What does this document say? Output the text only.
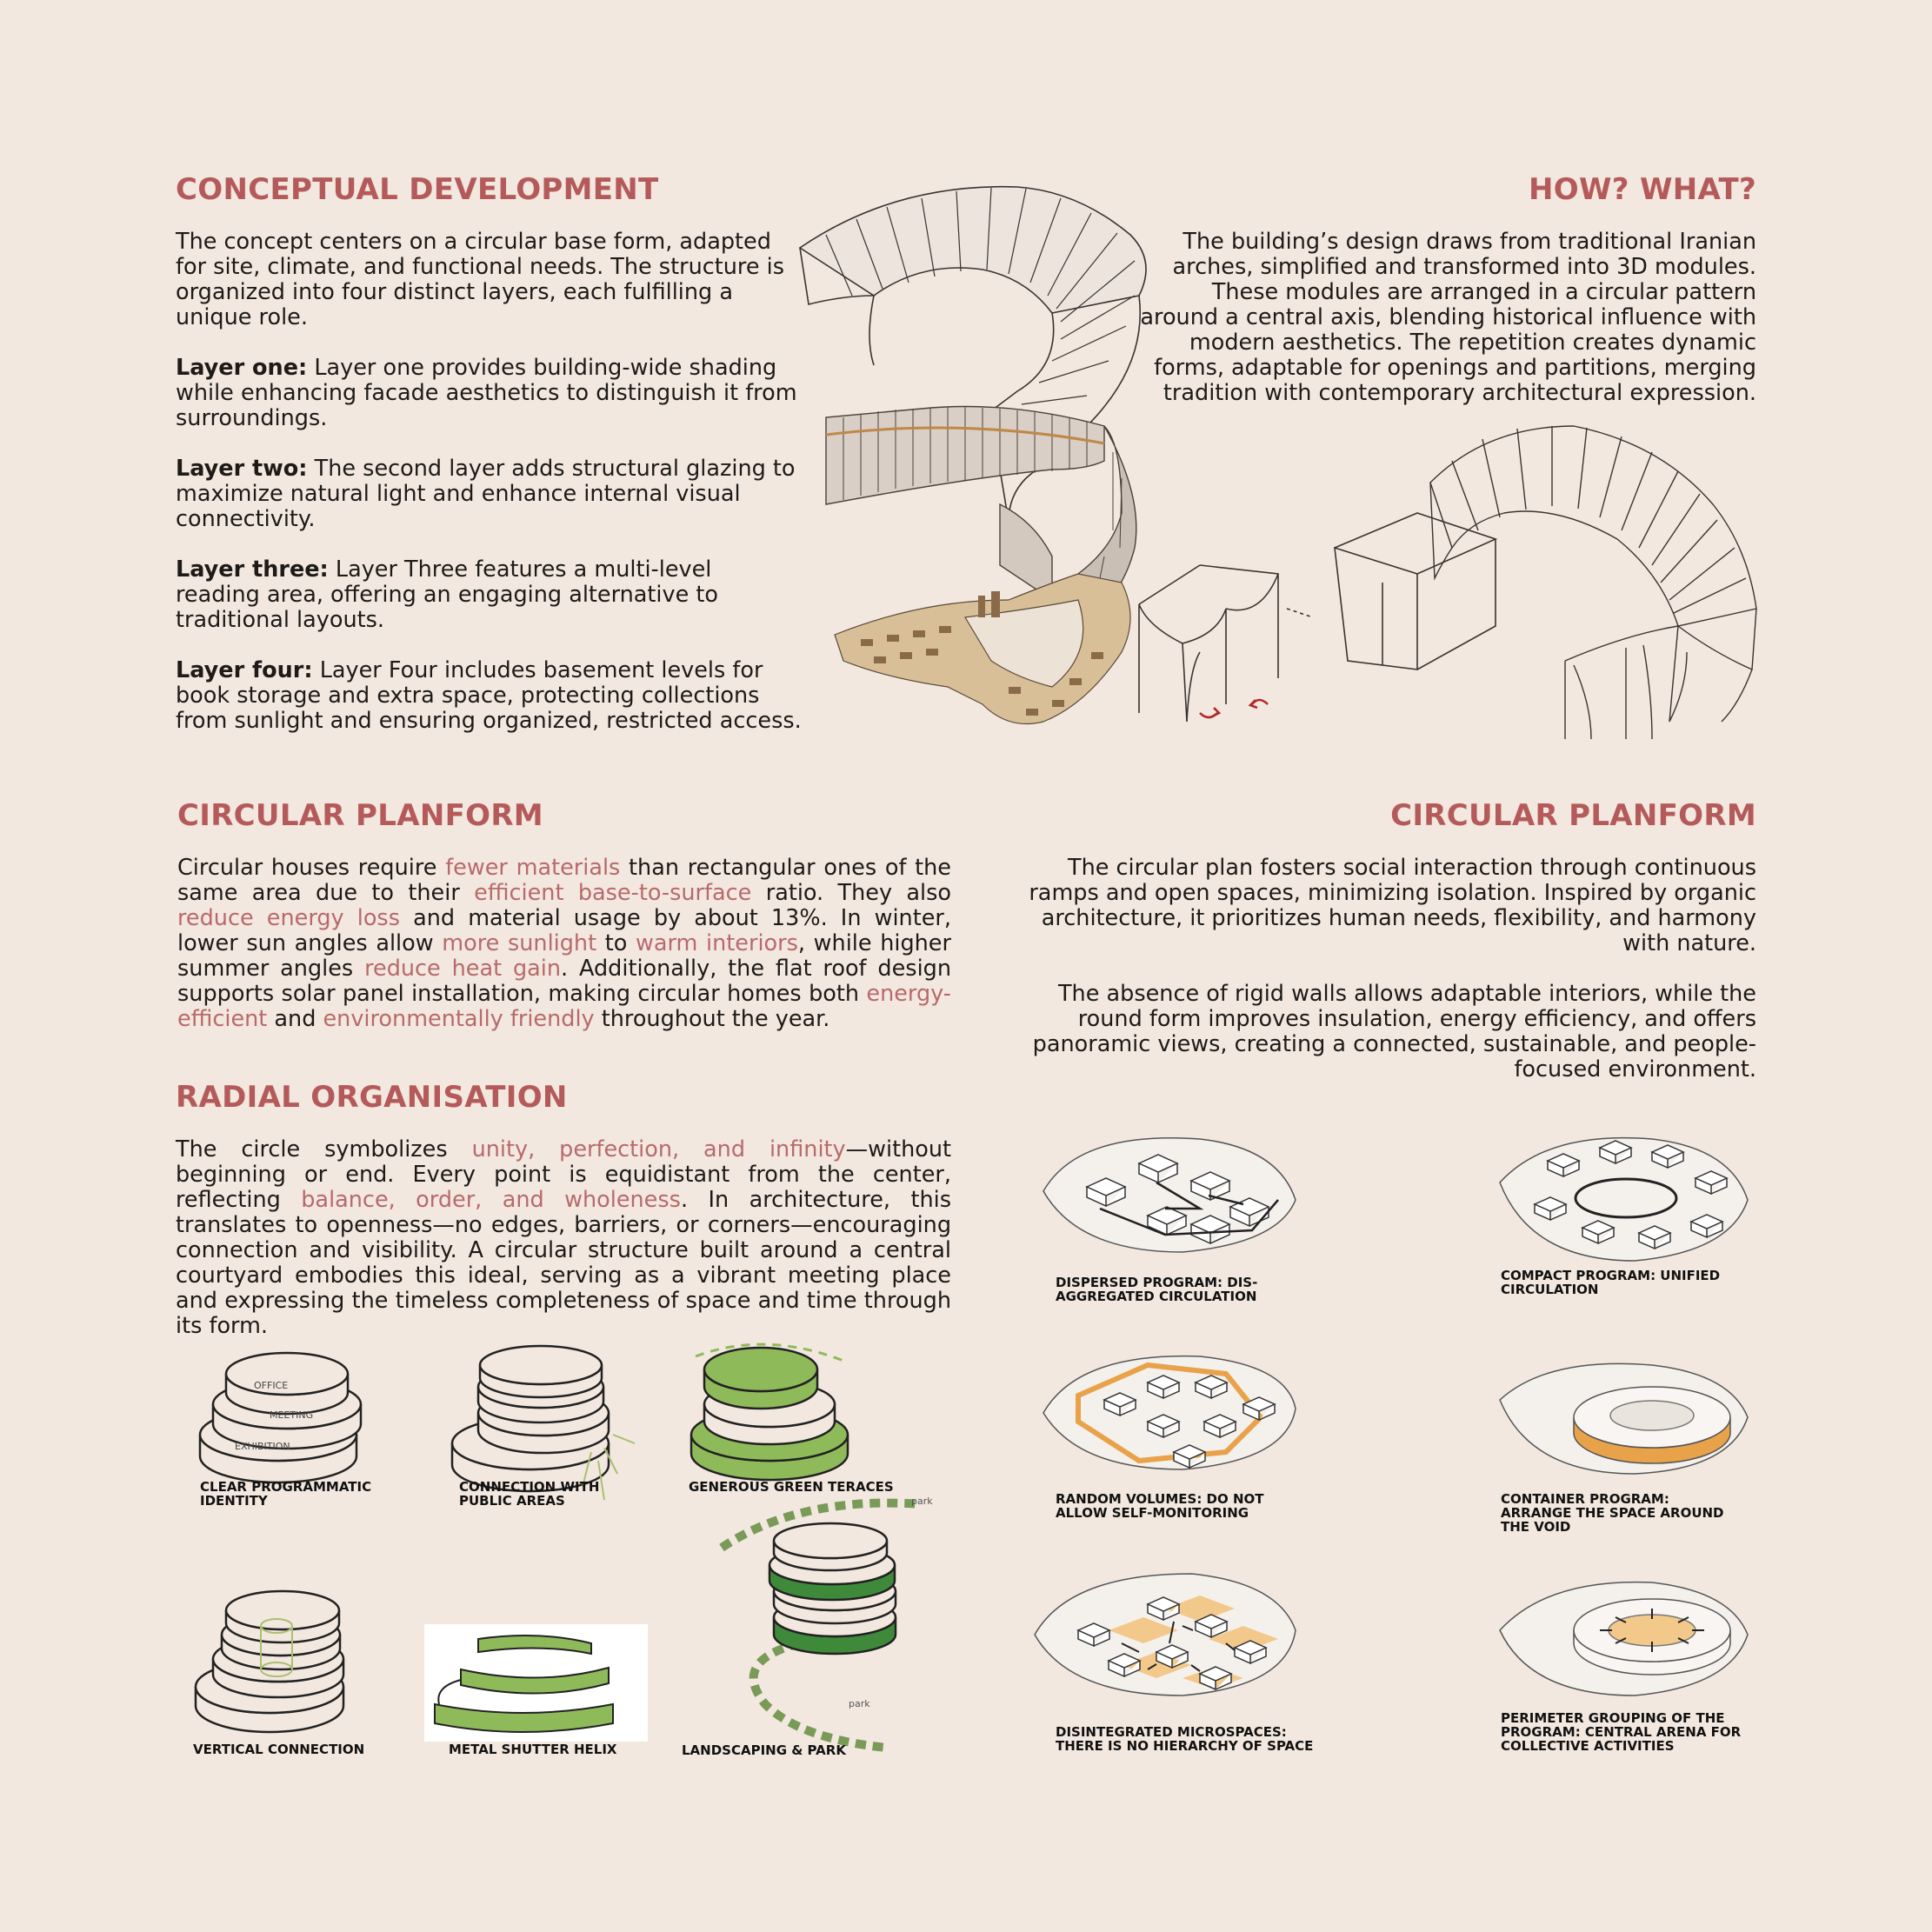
CONCEPTUAL DEVELOPMENT

The concept centers on a circular base form, adapted for site, climate, and functional needs. The structure is organized into four distinct layers, each fulfilling a unique role.

Layer one: Layer one provides building-wide shading while enhancing facade aesthetics to distinguish it from surroundings.

Layer two: The second layer adds structural glazing to maximize natural light and enhance internal visual connectivity.

Layer three: Layer Three features a multi-level reading area, offering an engaging alternative to traditional layouts.

Layer four: Layer Four includes basement levels for book storage and extra space, protecting collections from sunlight and ensuring organized, restricted access.

HOW? WHAT?

The building’s design draws from traditional Iranian arches, simplified and transformed into 3D modules. These modules are arranged in a circular pattern around a central axis, blending historical influence with modern aesthetics. The repetition creates dynamic forms, adaptable for openings and partitions, merging tradition with contemporary architectural expression.

CIRCULAR PLANFORM

Circular houses require fewer materials than rectangular ones of the same area due to their efficient base-to-surface ratio. They also reduce energy loss and material usage by about 13%. In winter, lower sun angles allow more sunlight to warm interiors, while higher summer angles reduce heat gain. Additionally, the flat roof design supports solar panel installation, making circular homes both energy-efficient and environmentally friendly throughout the year.

CIRCULAR PLANFORM

The circular plan fosters social interaction through continuous ramps and open spaces, minimizing isolation. Inspired by organic architecture, it prioritizes human needs, flexibility, and harmony with nature.

The absence of rigid walls allows adaptable interiors, while the round form improves insulation, energy efficiency, and offers panoramic views, creating a connected, sustainable, and people-focused environment.

RADIAL ORGANISATION

The circle symbolizes unity, perfection, and infinity—without beginning or end. Every point is equidistant from the center, reflecting balance, order, and wholeness. In architecture, this translates to openness—no edges, barriers, or corners—encouraging connection and visibility. A circular structure built around a central courtyard embodies this ideal, serving as a vibrant meeting place and expressing the timeless completeness of space and time through its form.

OFFICE
MEETING
EXHIBITION
park
park
CLEAR PROGRAMMATIC IDENTITY
CONNECTION WITH PUBLIC AREAS
GENEROUS GREEN TERACES
VERTICAL CONNECTION	METAL SHUTTER HELIX	LANDSCAPING & PARK
DISPERSED PROGRAM: DIS-AGGREGATED CIRCULATION
COMPACT PROGRAM: UNIFIED CIRCULATION
RANDOM VOLUMES: DO NOT ALLOW SELF-MONITORING
CONTAINER PROGRAM: ARRANGE THE SPACE AROUND THE VOID
DISINTEGRATED MICROSPACES: THERE IS NO HIERARCHY OF SPACE
PERIMETER GROUPING OF THE PROGRAM: CENTRAL ARENA FOR COLLECTIVE ACTIVITIES
